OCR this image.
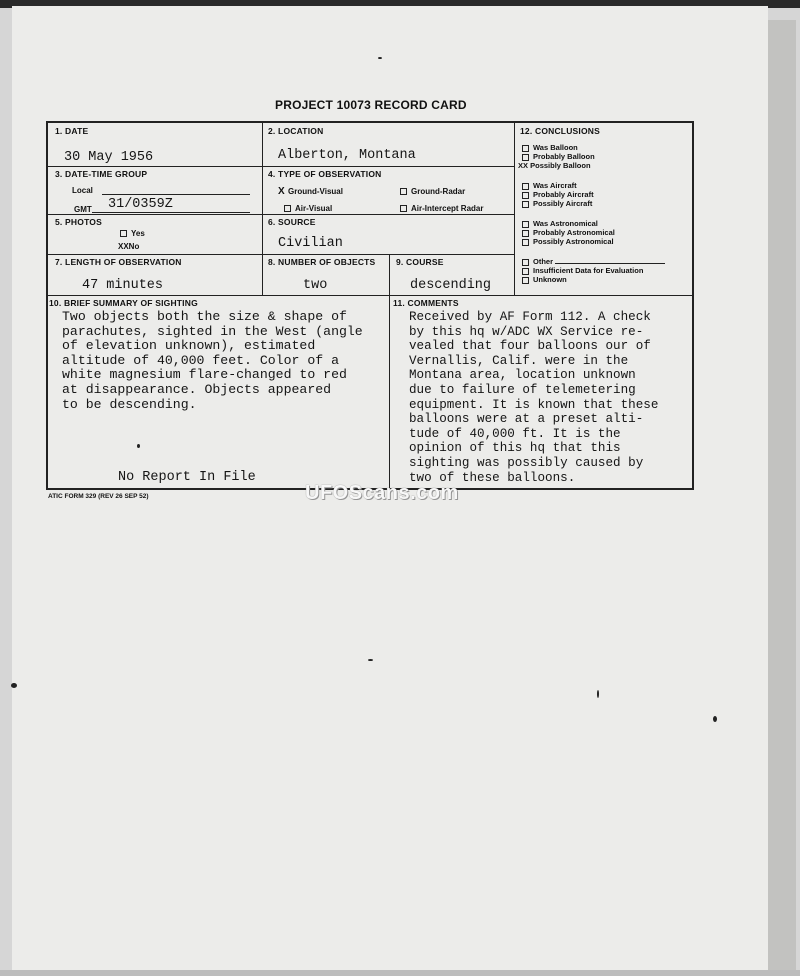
PROJECT 10073 RECORD CARD
1. DATE
30 May 1956
2. LOCATION
Alberton, Montana
3. DATE-TIME GROUP
Local
GMT 31/0359Z
4. TYPE OF OBSERVATION
X Ground-Visual	Ground-Radar
Air-Visual	Air-Intercept Radar
5. PHOTOS
Yes
XXNo
6. SOURCE
Civilian
7. LENGTH OF OBSERVATION
47 minutes
8. NUMBER OF OBJECTS
two
9. COURSE
descending
12. CONCLUSIONS
Was Balloon
Probably Balloon
XX Possibly Balloon
Was Aircraft
Probably Aircraft
Possibly Aircraft
Was Astronomical
Probably Astronomical
Possibly Astronomical
Other
Insufficient Data for Evaluation
Unknown
10. BRIEF SUMMARY OF SIGHTING
Two objects both the size & shape of
parachutes, sighted in the West (angle
of elevation unknown), estimated
altitude of 40,000 feet. Color of a
white magnesium flare-changed to red
at disappearance. Objects appeared
to be descending.
No Report In File
11. COMMENTS
Received by AF Form 112. A check
by this hq w/ADC WX Service re-
vealed that four balloons our of
Vernallis, Calif. were in the
Montana area, location unknown
due to failure of telemetering
equipment. It is known that these
balloons were at a preset alti-
tude of 40,000 ft. It is the
opinion of this hq that this
sighting was possibly caused by
two of these balloons.
ATIC FORM 329 (REV 26 SEP 52)	UFOScans.com
